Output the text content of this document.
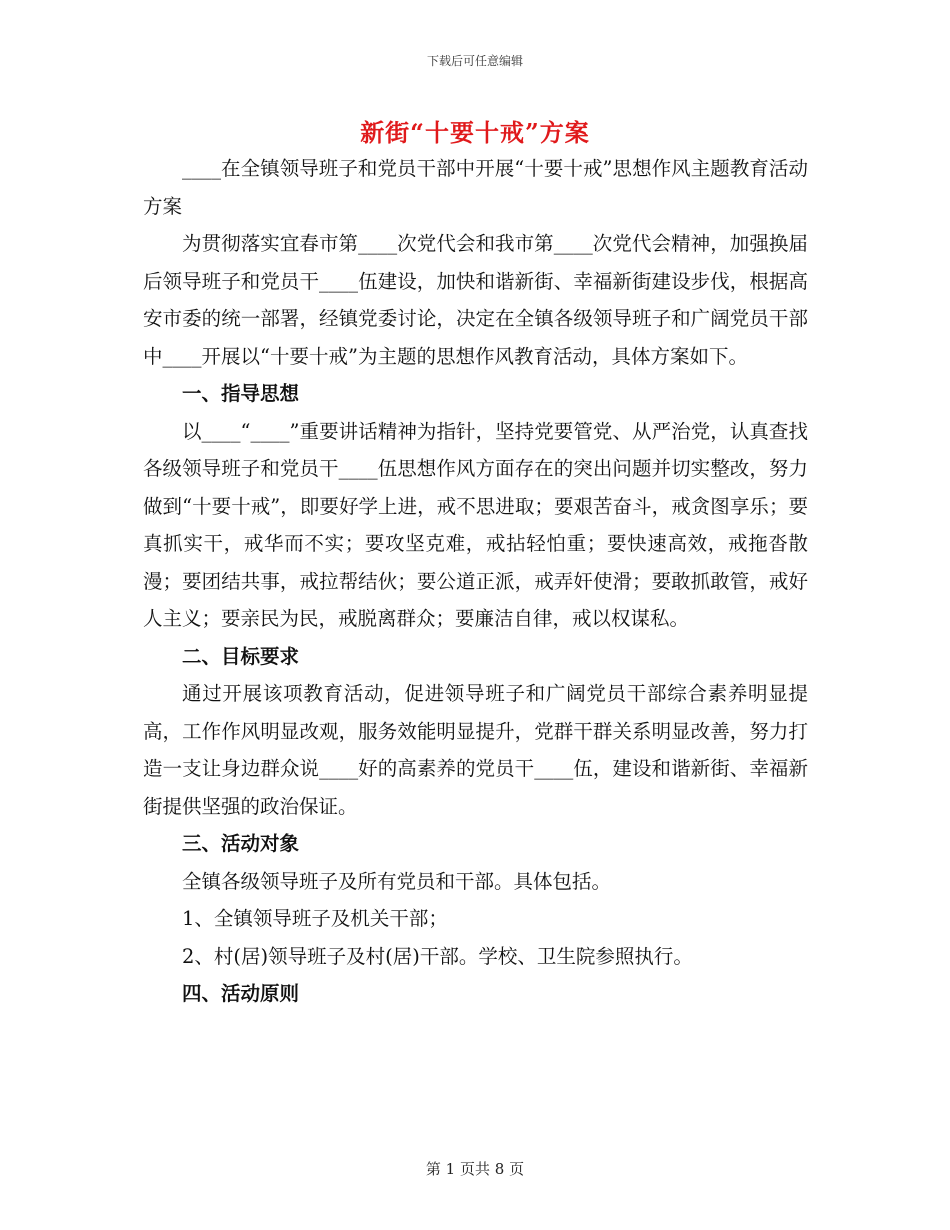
下载后可任意编辑
新街“十要十戒”方案

____在全镇领导班子和党员干部中开展“十要十戒”思想作风主题教育活动方案

为贯彻落实宜春市第____次党代会和我市第____次党代会精神，加强换届后领导班子和党员干____伍建设，加快和谐新街、幸福新街建设步伐，根据高安市委的统一部署，经镇党委讨论，决定在全镇各级领导班子和广阔党员干部中____开展以“十要十戒”为主题的思想作风教育活动，具体方案如下。

一、指导思想

以____“____”重要讲话精神为指针，坚持党要管党、从严治党，认真查找各级领导班子和党员干____伍思想作风方面存在的突出问题并切实整改，努力做到“十要十戒”，即要好学上进，戒不思进取；要艰苦奋斗，戒贪图享乐；要真抓实干，戒华而不实；要攻坚克难，戒拈轻怕重；要快速高效，戒拖沓散漫；要团结共事，戒拉帮结伙；要公道正派，戒弄奸使滑；要敢抓敢管，戒好人主义；要亲民为民，戒脱离群众；要廉洁自律，戒以权谋私。

二、目标要求

通过开展该项教育活动，促进领导班子和广阔党员干部综合素养明显提高，工作作风明显改观，服务效能明显提升，党群干群关系明显改善，努力打造一支让身边群众说____好的高素养的党员干____伍，建设和谐新街、幸福新街提供坚强的政治保证。

三、活动对象

全镇各级领导班子及所有党员和干部。具体包括。

1、全镇领导班子及机关干部；

2、村(居)领导班子及村(居)干部。学校、卫生院参照执行。

四、活动原则

第 1 页共 8 页
